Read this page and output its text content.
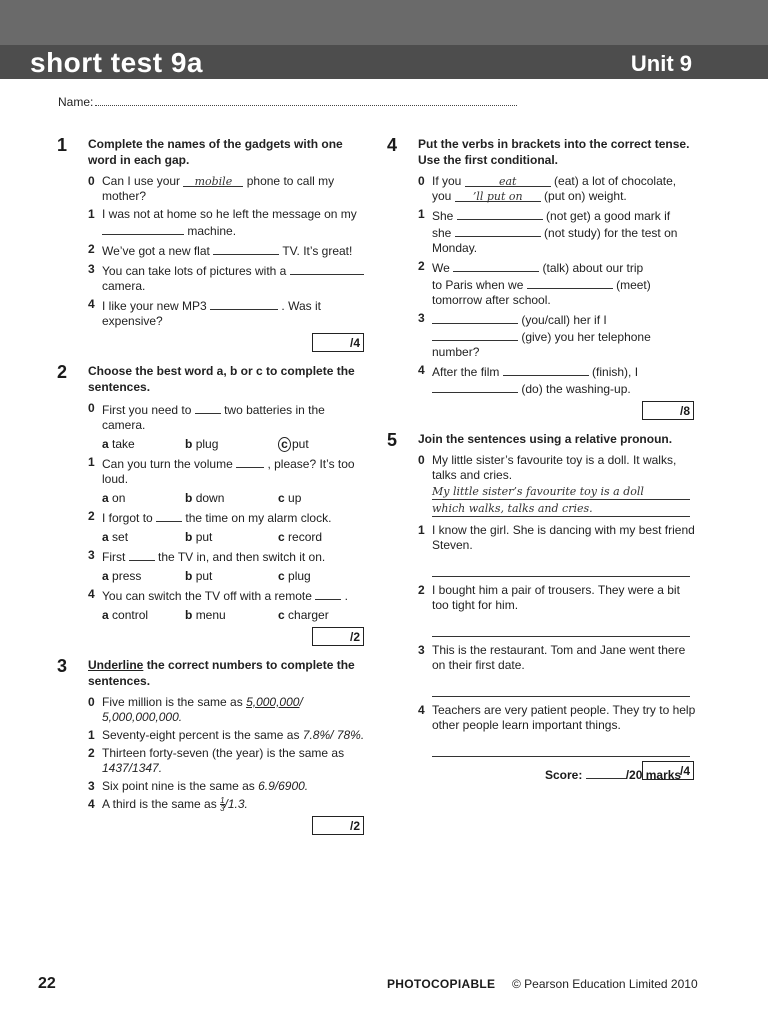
short test 9a	Unit 9
Name:
1 Complete the names of the gadgets with one word in each gap.
0 Can I use your mobile phone to call my mother?
1 I was not at home so he left the message on my  machine.
2 We’ve got a new flat	TV. It’s great!
3 You can take lots of pictures with a  camera.
4 I like your new MP3	. Was it expensive?
/4
2 Choose the best word a, b or c to complete the sentences.
0 First you need to	two batteries in the camera.
a take	b plug	c put
1 Can you turn the volume	, please? It’s too loud.
a on	b down	c up
2 I forgot to	the time on my alarm clock.
a set	b put	c record
3 First	the TV in, and then switch it on.
a press	b put	c plug
4 You can switch the TV off with a remote	.
a control	b menu	c charger
/2
3 Underline the correct numbers to complete the sentences.
0 Five million is the same as 5,000,000/ 5,000,000,000.
1 Seventy-eight percent is the same as 7.8%/ 78%.
2 Thirteen forty-seven (the year) is the same as 1437/1347.
3 Six point nine is the same as 6.9/6900.
4 A third is the same as $\frac{1}{3} /1.3$.
/2
4 Put the verbs in brackets into the correct tense. Use the first conditional.
0 If you	eat	(eat) a lot of chocolate,
you ’ll put on (put on) weight.
1 She	(not get) a good mark if
she	(not study) for the test on Monday.
2 We	(talk) about our trip
to Paris when we	(meet) tomorrow after school.
3	(you/call) her if I
(give) you her telephone number?
4 After the film	(finish), I
(do) the washing-up.
/8
5 Join the sentences using a relative pronoun.
0 My little sister’s favourite toy is a doll. It walks, talks and cries.
My little sister’s favourite toy is a doll
which walks, talks and cries.
1 I know the girl. She is dancing with my best friend Steven.
2 I bought him a pair of trousers. They were a bit too tight for him.
3 This is the restaurant. Tom and Jane went there on their first date.
4 Teachers are very patient people. They try to help other people learn important things.
/4
Score:	/20 marks
22	PHOTOCOPIABLE © Pearson Education Limited 2010
